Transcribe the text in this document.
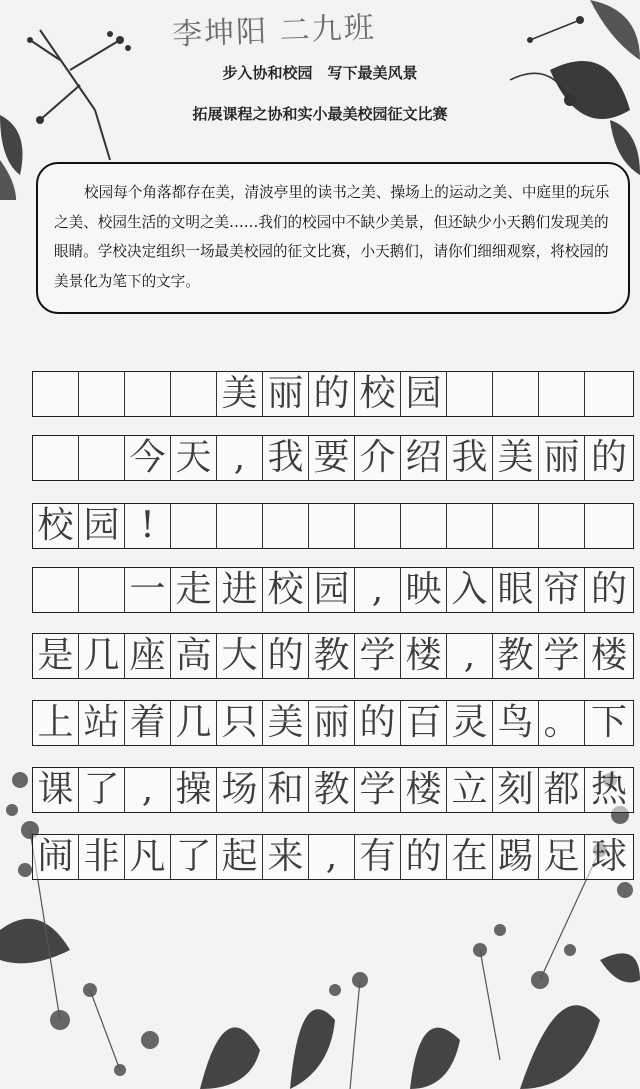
李坤阳 二九班
步入协和校园　写下最美风景
拓展课程之协和实小最美校园征文比赛
校园每个角落都存在美，清波亭里的读书之美、操场上的运动之美、中庭里的玩乐之美、校园生活的文明之美……我们的校园中不缺少美景，但还缺少小天鹅们发现美的眼睛。学校决定组织一场最美校园的征文比赛，小天鹅们，请你们细细观察，将校园的美景化为笔下的文字。
美 丽 的 校 园
今 天 , 我 要 介 绍 我 美 丽 的
校 园 !
一 走 进 校 园 , 映 入 眼 帘 的
是 几 座 高 大 的 教 学 楼 , 教 学 楼
上 站 着 几 只 美 丽 的 百 灵 鸟 。 下
课 了 , 操 场 和 教 学 楼 立 刻 都 热
闹 非 凡 了 起 来 , 有 的 在 踢 足 球
